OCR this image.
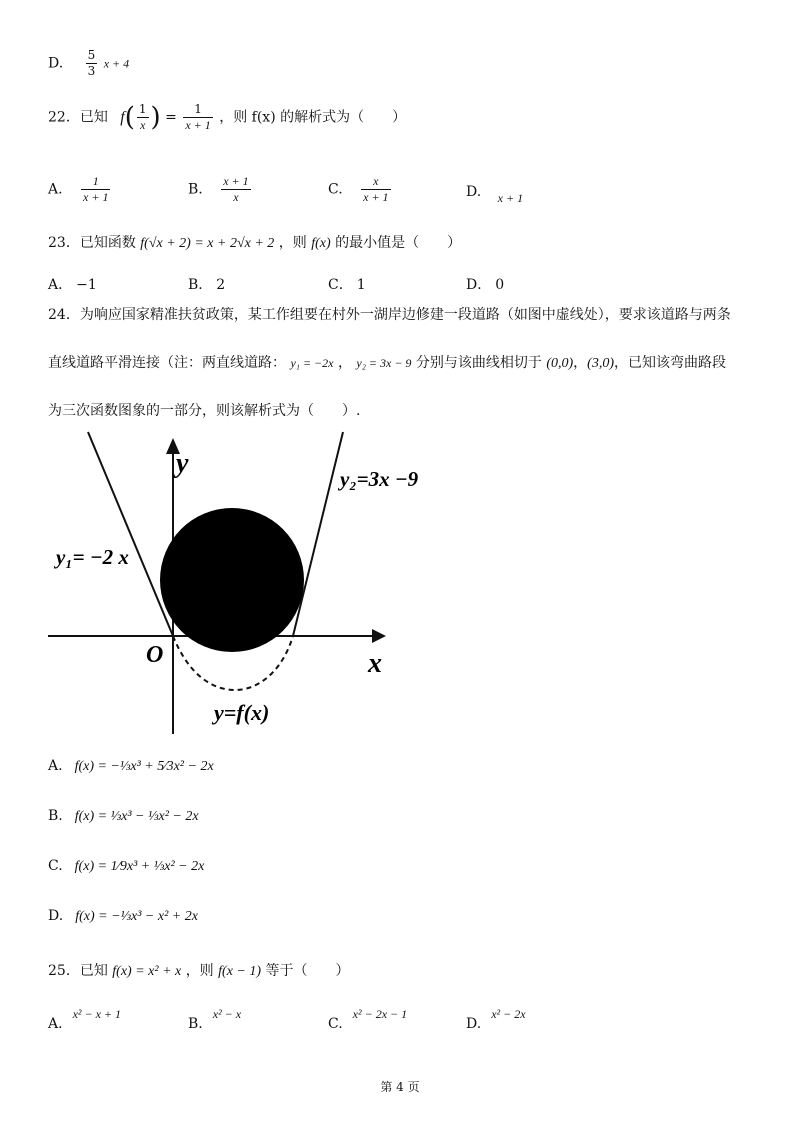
D. $\frac{5}{3}$ x + 4
22．已知 $f( \frac{1}{x}$ ) = $\frac{1}{x + 1}$ ，则 f(x) 的解析式为（　　）
A. $\frac{1}{x + 1}$	B. $\frac{x + 1}{x}$	C. $\frac{x}{x + 1}$	D. x + 1
23．已知函数 f(√x + 2) = x + 2√x + 2 ，则 f(x) 的最小值是（　　）
A． −1	B． 2	C． 1	D． 0
24．为响应国家精准扶贫政策，某工作组要在村外一湖岸边修建一段道路（如图中虚线处），要求该道路与两条
直线道路平滑连接（注：两直线道路： y₁ = −2x ， y₂ = 3x − 9 分别与该曲线相切于 (0,0)，(3,0)，已知该弯曲路段
为三次函数图象的一部分，则该解析式为（　　）.
y
x
O
y₁= −2 x
y₂=3x −9
y=f(x)
A. f(x) = −⅓x³ + 5⁄3x² − 2x
B. f(x) = ⅓x³ − ⅓x² − 2x
C. f(x) = 1⁄9x³ + ⅓x² − 2x
D. f(x) = −⅓x³ − x² + 2x
25．已知 f(x) = x² + x ，则 f(x − 1) 等于（　　）
A.x² − x + 1
B.x² − x
C.x² − 2x − 1
D.x² − 2x
第 4 页
